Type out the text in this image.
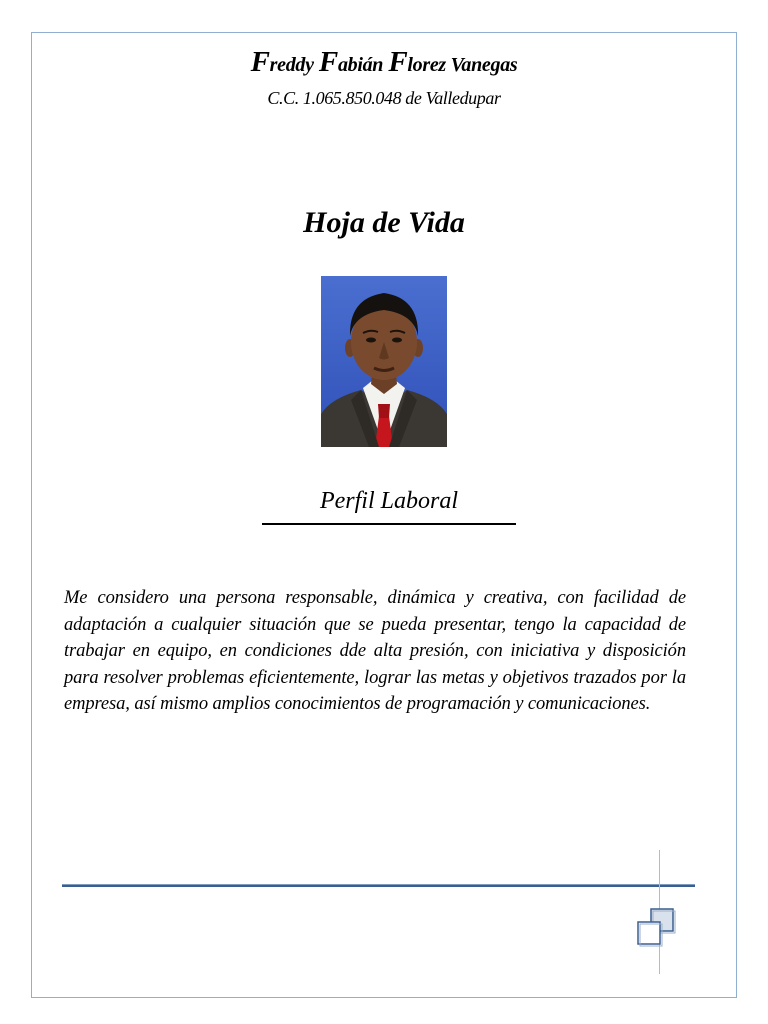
Freddy Fabián Florez Vanegas
C.C. 1.065.850.048 de Valledupar
Hoja de Vida
Perfil Laboral
Me considero una persona responsable, dinámica y creativa, con facilidad de adaptación a cualquier situación que se pueda presentar, tengo la capacidad de trabajar en equipo, en condiciones dde alta presión, con iniciativa y disposición para resolver problemas eficientemente, lograr las metas y objetivos trazados por la empresa, así mismo amplios conocimientos de programación y comunicaciones.
